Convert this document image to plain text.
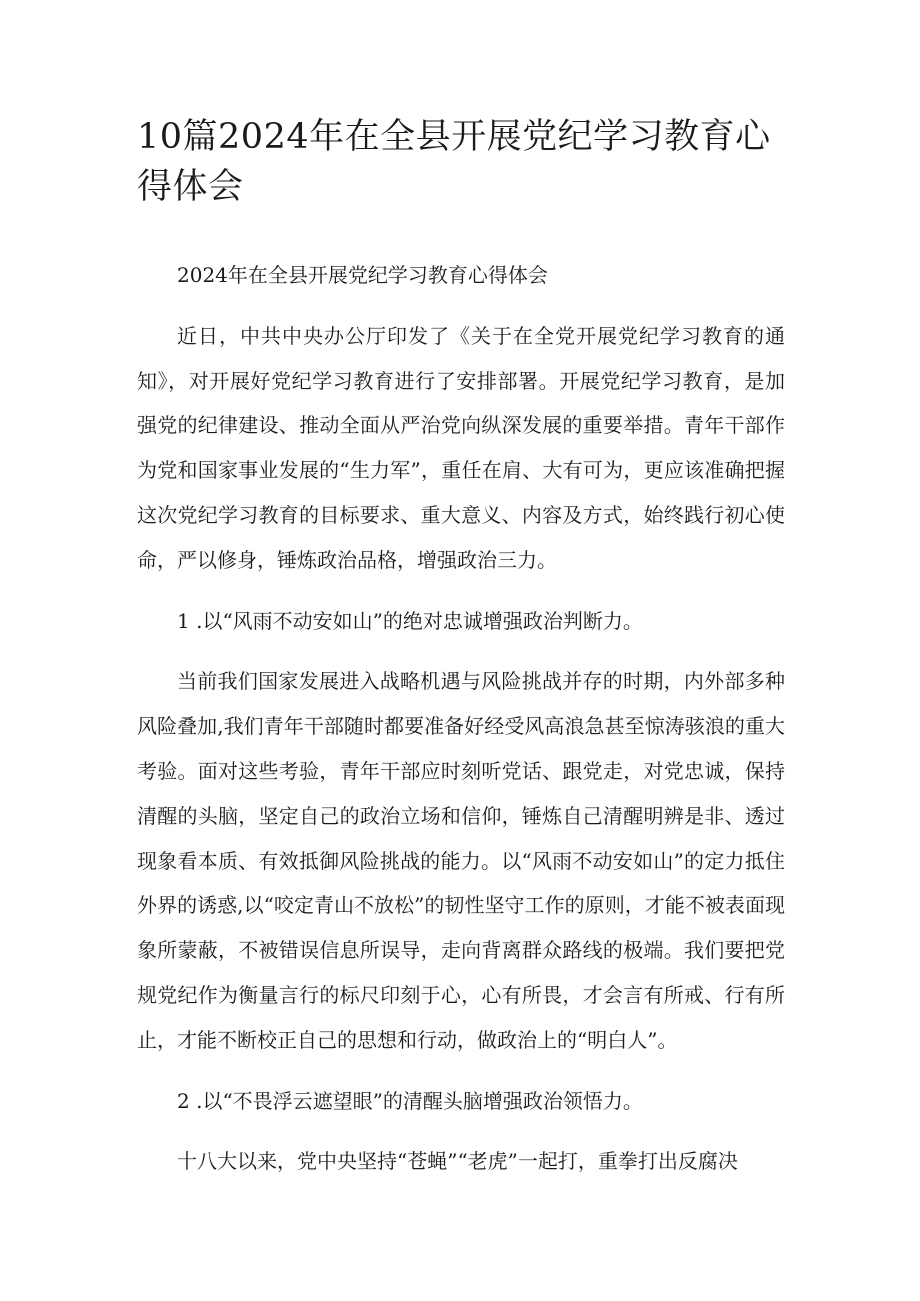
10篇2024年在全县开展党纪学习教育心得体会

2024年在全县开展党纪学习教育心得体会

近日，中共中央办公厅印发了《关于在全党开展党纪学习教育的通知》，对开展好党纪学习教育进行了安排部署。开展党纪学习教育，是加强党的纪律建设、推动全面从严治党向纵深发展的重要举措。青年干部作为党和国家事业发展的“生力军”，重任在肩、大有可为，更应该准确把握这次党纪学习教育的目标要求、重大意义、内容及方式，始终践行初心使命，严以修身，锤炼政治品格，增强政治三力。

1 .以“风雨不动安如山”的绝对忠诚增强政治判断力。

当前我们国家发展进入战略机遇与风险挑战并存的时期，内外部多种风险叠加,我们青年干部随时都要准备好经受风高浪急甚至惊涛骇浪的重大考验。面对这些考验，青年干部应时刻听党话、跟党走，对党忠诚，保持清醒的头脑，坚定自己的政治立场和信仰，锤炼自己清醒明辨是非、透过现象看本质、有效抵御风险挑战的能力。以“风雨不动安如山”的定力抵住外界的诱惑,以“咬定青山不放松”的韧性坚守工作的原则，才能不被表面现象所蒙蔽，不被错误信息所误导，走向背离群众路线的极端。我们要把党规党纪作为衡量言行的标尺印刻于心，心有所畏，才会言有所戒、行有所止，才能不断校正自己的思想和行动，做政治上的“明白人”。

2 .以“不畏浮云遮望眼”的清醒头脑增强政治领悟力。

十八大以来，党中央坚持“苍蝇”“老虎”一起打，重拳打出反腐决
